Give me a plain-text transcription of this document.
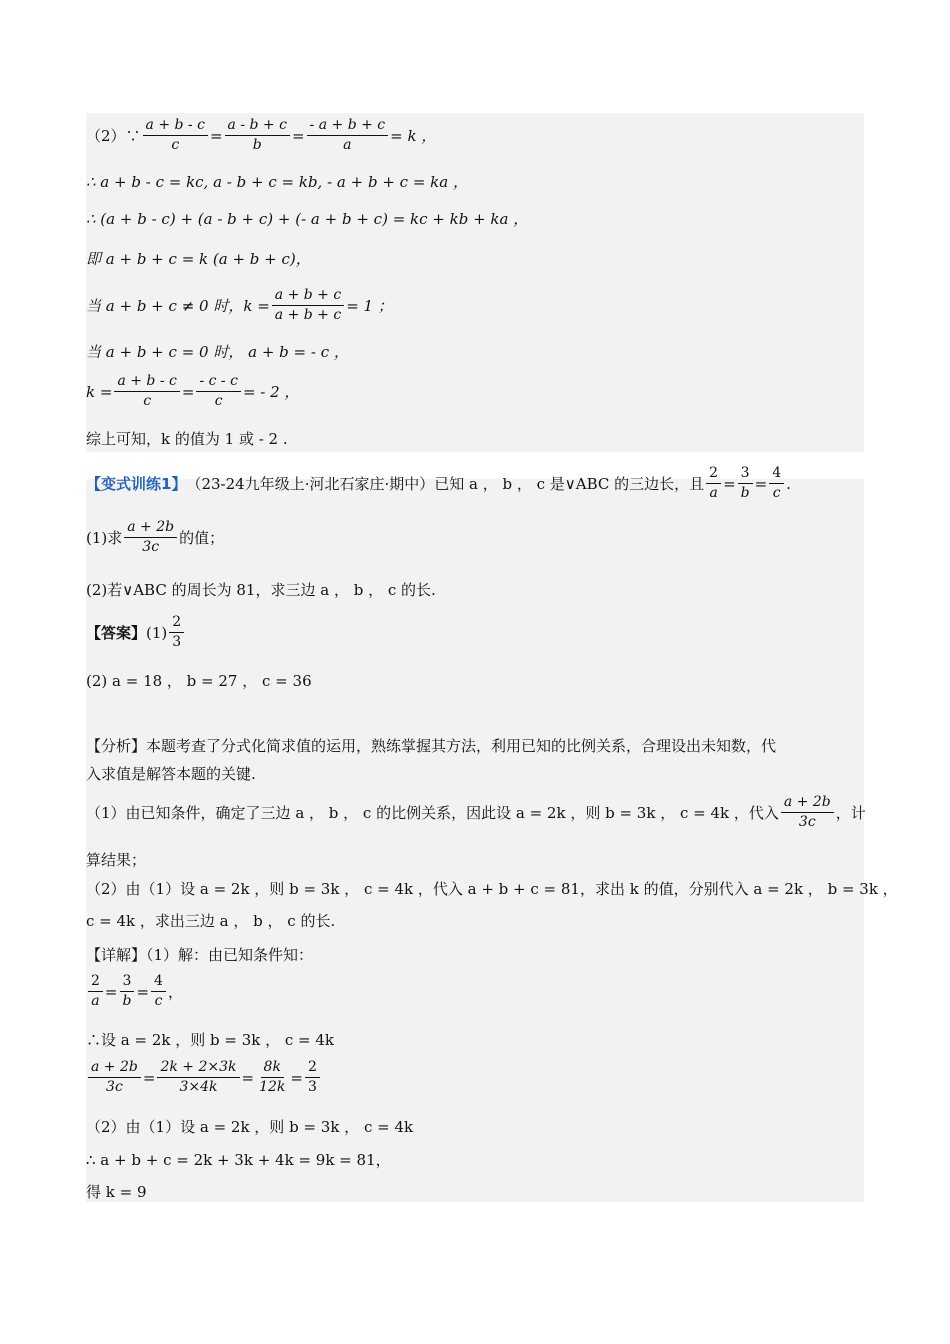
（2）∵ $\frac{a + b - c}{c} = \frac{a - b + c}{b} = \frac{- a + b + c}{a} = k$ ，
∴ a + b - c = kc, a - b + c = kb, - a + b + c = ka ，
∴ (a + b - c) + (a - b + c) + (- a + b + c) = kc + kb + ka ，
即 a + b + c = k (a + b + c)，
当 a + b + c ≠ 0 时， $k = \frac{a + b + c}{a + b + c} = 1$ ；
当 a + b + c = 0 时， a + b = - c ，
$k = \frac{a + b - c}{c} = \frac{- c - c}{c}$ = - 2 ，
综上可知，k 的值为 1 或 - 2 .
【变式训练1】 （23-24九年级上·河北石家庄·期中）已知 a ， b ， c 是∨ABC 的三边长，且 $\frac{2}{a} = \frac{3}{b} = \frac{4}{c}$ .
(1)求 $\frac{a + 2b}{3c}$ 的值；
(2)若∨ABC 的周长为 81，求三边 a ， b ， c 的长.
【答案】 $(1) \frac{2}{3}$
(2) a = 18 ， b = 27 ， c = 36
【分析】本题考查了分式化简求值的运用，熟练掌握其方法，利用已知的比例关系，合理设出未知数，代
入求值是解答本题的关键.
（1）由已知条件，确定了三边 a ， b ， c 的比例关系，因此设 a = 2k ，则 b = 3k ， c = 4k ，代入 $\frac{a + 2b}{3c}$ ，计
算结果；
（2）由（1）设 a = 2k ，则 b = 3k ， c = 4k ，代入 a + b + c = 81，求出 k 的值，分别代入 a = 2k ， b = 3k ，
c = 4k ，求出三边 a ， b ， c 的长.
【详解】（1）解：由已知条件知：
$\frac{2}{a} = \frac{3}{b} = \frac{4}{c}$ ，
∴设 a = 2k ，则 b = 3k ， c = 4k
$\frac{a + 2b}{3c} = \frac{2k + 2\times 3k}{3\times 4k} = \frac{8k}{12k} = \frac{2}{3}$
（2）由（1）设 a = 2k ，则 b = 3k ， c = 4k
∴ a + b + c = 2k + 3k + 4k = 9k = 81，
得 k = 9
